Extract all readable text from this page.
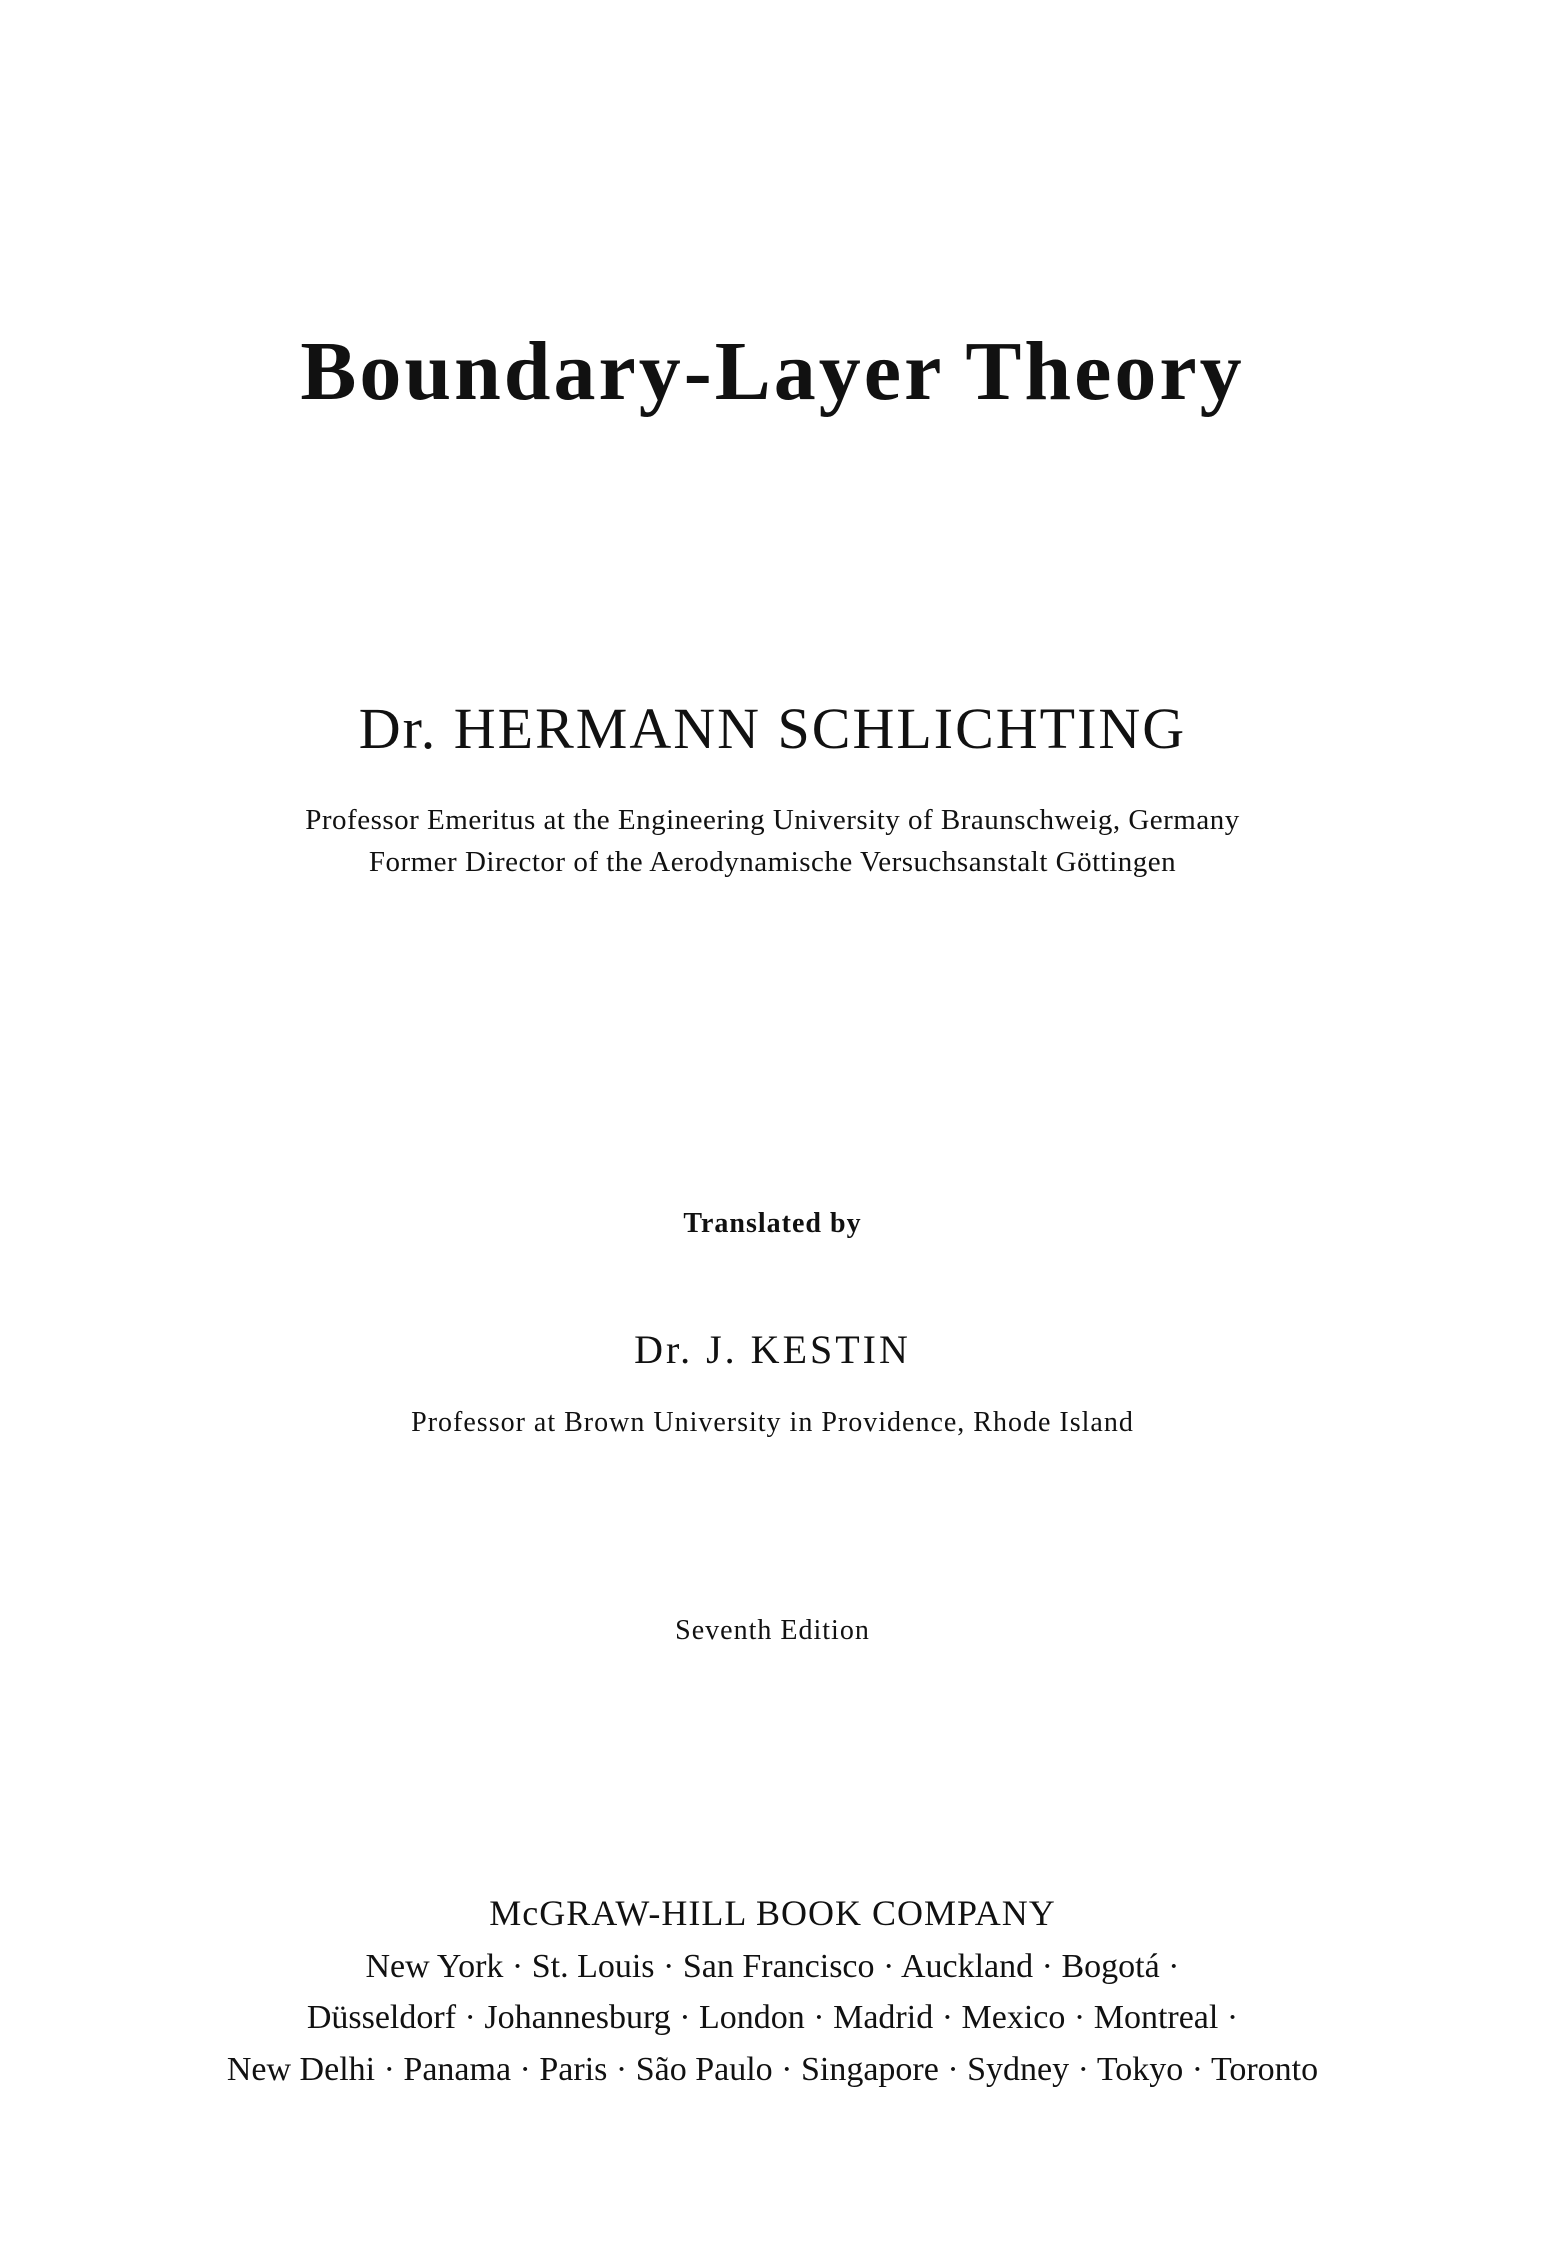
Boundary-Layer Theory
Dr. HERMANN SCHLICHTING
Professor Emeritus at the Engineering University of Braunschweig, Germany
Former Director of the Aerodynamische Versuchsanstalt Göttingen
Translated by
Dr. J. KESTIN
Professor at Brown University in Providence, Rhode Island
Seventh Edition
McGRAW-HILL BOOK COMPANY
New York · St. Louis · San Francisco · Auckland · Bogotá ·
Düsseldorf · Johannesburg · London · Madrid · Mexico · Montreal ·
New Delhi · Panama · Paris · São Paulo · Singapore · Sydney · Tokyo · Toronto
